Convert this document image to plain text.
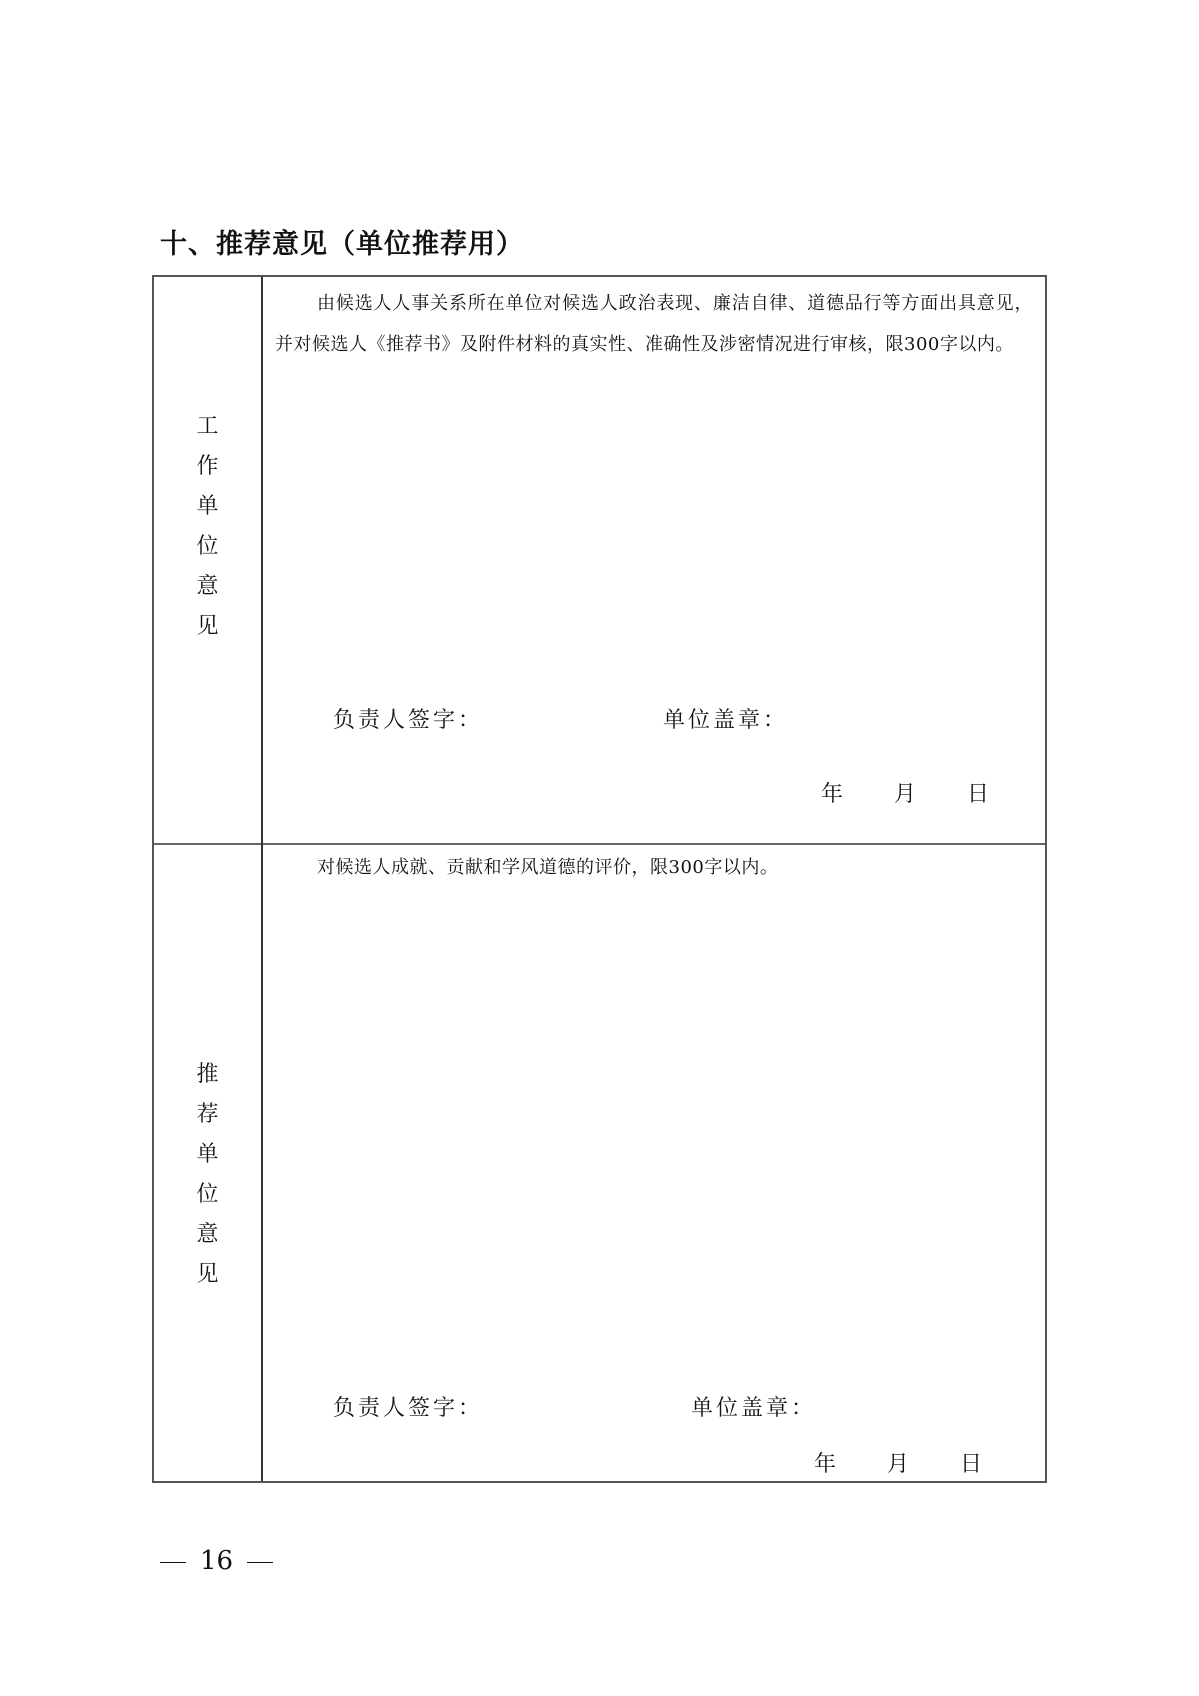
十、推荐意见（单位推荐用）
工
作
单
位
意
见
由候选人人事关系所在单位对候选人政治表现、廉洁自律、道德品行等方面出具意见，并对候选人《推荐书》及附件材料的真实性、准确性及涉密情况进行审核，限300字以内。
负责人签字：	单位盖章：
年 月 日
推
荐
单
位
意
见
对候选人成就、贡献和学风道德的评价，限300字以内。
负责人签字：	单位盖章：
年 月 日
16
